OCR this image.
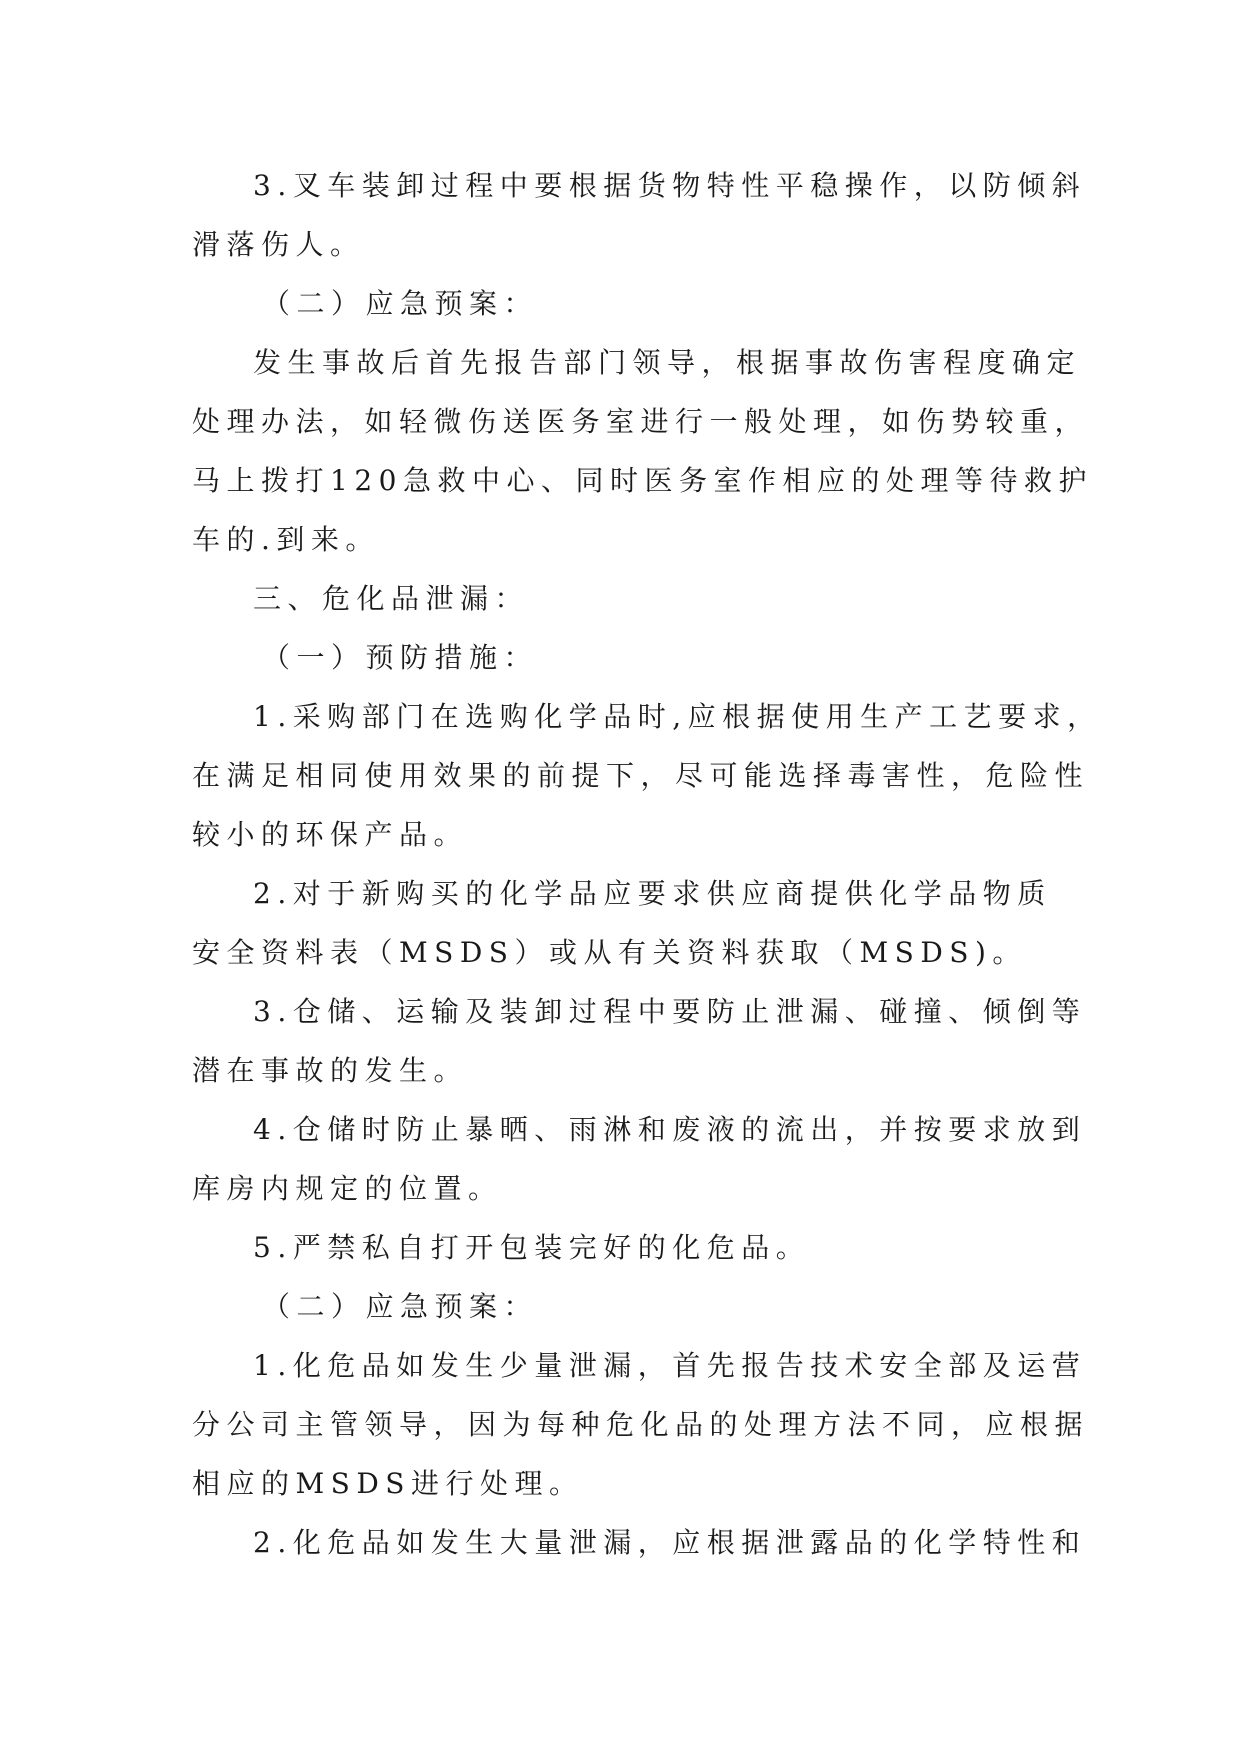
3.叉车装卸过程中要根据货物特性平稳操作，以防倾斜
滑落伤人。
（二）应急预案：
发生事故后首先报告部门领导，根据事故伤害程度确定
处理办法，如轻微伤送医务室进行一般处理，如伤势较重，
马上拨打120急救中心、同时医务室作相应的处理等待救护
车的.到来。
三、危化品泄漏：
（一）预防措施：
1.采购部门在选购化学品时,应根据使用生产工艺要求，
在满足相同使用效果的前提下，尽可能选择毒害性，危险性
较小的环保产品。
2.对于新购买的化学品应要求供应商提供化学品物质
安全资料表（MSDS）或从有关资料获取（MSDS)。
3.仓储、运输及装卸过程中要防止泄漏、碰撞、倾倒等
潜在事故的发生。
4.仓储时防止暴晒、雨淋和废液的流出，并按要求放到
库房内规定的位置。
5.严禁私自打开包装完好的化危品。
（二）应急预案：
1.化危品如发生少量泄漏，首先报告技术安全部及运营
分公司主管领导，因为每种危化品的处理方法不同，应根据
相应的MSDS进行处理。
2.化危品如发生大量泄漏，应根据泄露品的化学特性和
